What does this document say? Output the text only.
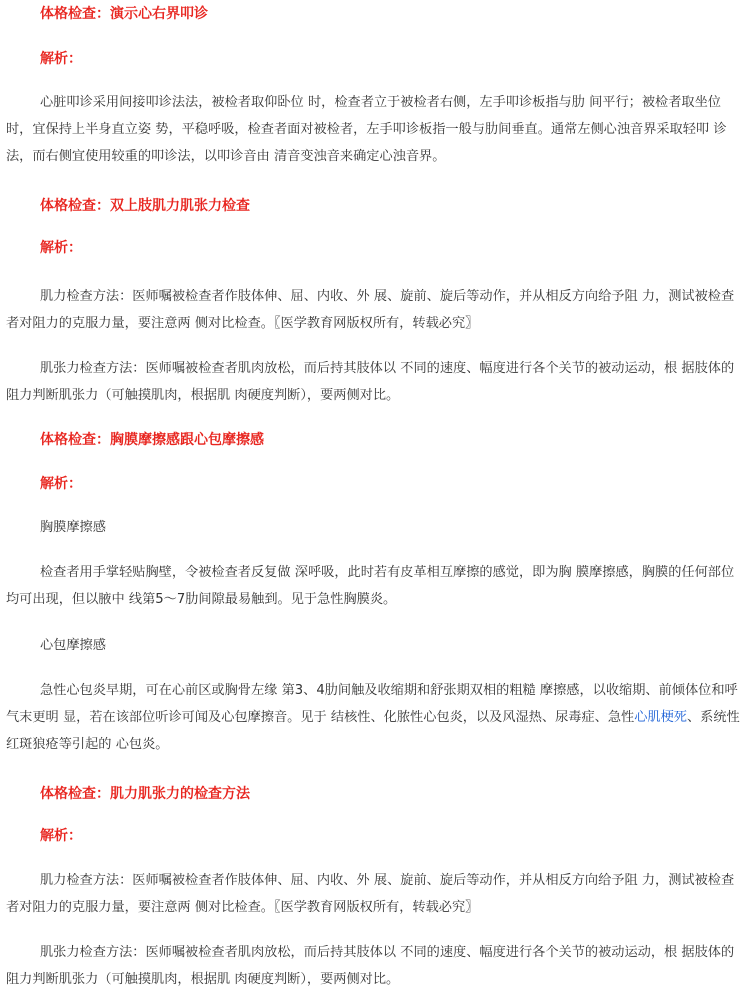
体格检查：演示心右界叩诊
解析：
心脏叩诊采用间接叩诊法法，被检者取仰卧位 时，检查者立于被检者右侧，左手叩诊板指与肋 间平行；被检者取坐位时，宜保持上半身直立姿 势，平稳呼吸，检查者面对被检者，左手叩诊板指一般与肋间垂直。通常左侧心浊音界采取轻叩 诊法，而右侧宜使用较重的叩诊法，以叩诊音由 清音变浊音来确定心浊音界。
体格检查：双上肢肌力肌张力检查
解析：
肌力检查方法：医师嘱被检查者作肢体伸、屈、内收、外 展、旋前、旋后等动作，并从相反方向给予阻 力，测试被检查者对阻力的克服力量，要注意两 侧对比检查。〖医学教育网版权所有，转载必究〗
肌张力检查方法：医师嘱被检查者肌肉放松，而后持其肢体以 不同的速度、幅度进行各个关节的被动运动，根 据肢体的阻力判断肌张力（可触摸肌肉，根据肌 肉硬度判断），要两侧对比。
体格检查：胸膜摩擦感跟心包摩擦感
解析：
胸膜摩擦感
检查者用手掌轻贴胸壁，令被检查者反复做 深呼吸，此时若有皮革相互摩擦的感觉，即为胸 膜摩擦感，胸膜的任何部位均可出现，但以腋中 线第5～7肋间隙最易触到。见于急性胸膜炎。
心包摩擦感
急性心包炎早期，可在心前区或胸骨左缘 第3、4肋间触及收缩期和舒张期双相的粗糙 摩擦感，以收缩期、前倾体位和呼气末更明 显，若在该部位听诊可闻及心包摩擦音。见于 结核性、化脓性心包炎，以及风湿热、尿毒症、急性心肌梗死、系统性红斑狼疮等引起的 心包炎。
体格检查：肌力肌张力的检查方法
解析：
肌力检查方法：医师嘱被检查者作肢体伸、屈、内收、外 展、旋前、旋后等动作，并从相反方向给予阻 力，测试被检查者对阻力的克服力量，要注意两 侧对比检查。〖医学教育网版权所有，转载必究〗
肌张力检查方法：医师嘱被检查者肌肉放松，而后持其肢体以 不同的速度、幅度进行各个关节的被动运动，根 据肢体的阻力判断肌张力（可触摸肌肉，根据肌 肉硬度判断），要两侧对比。
